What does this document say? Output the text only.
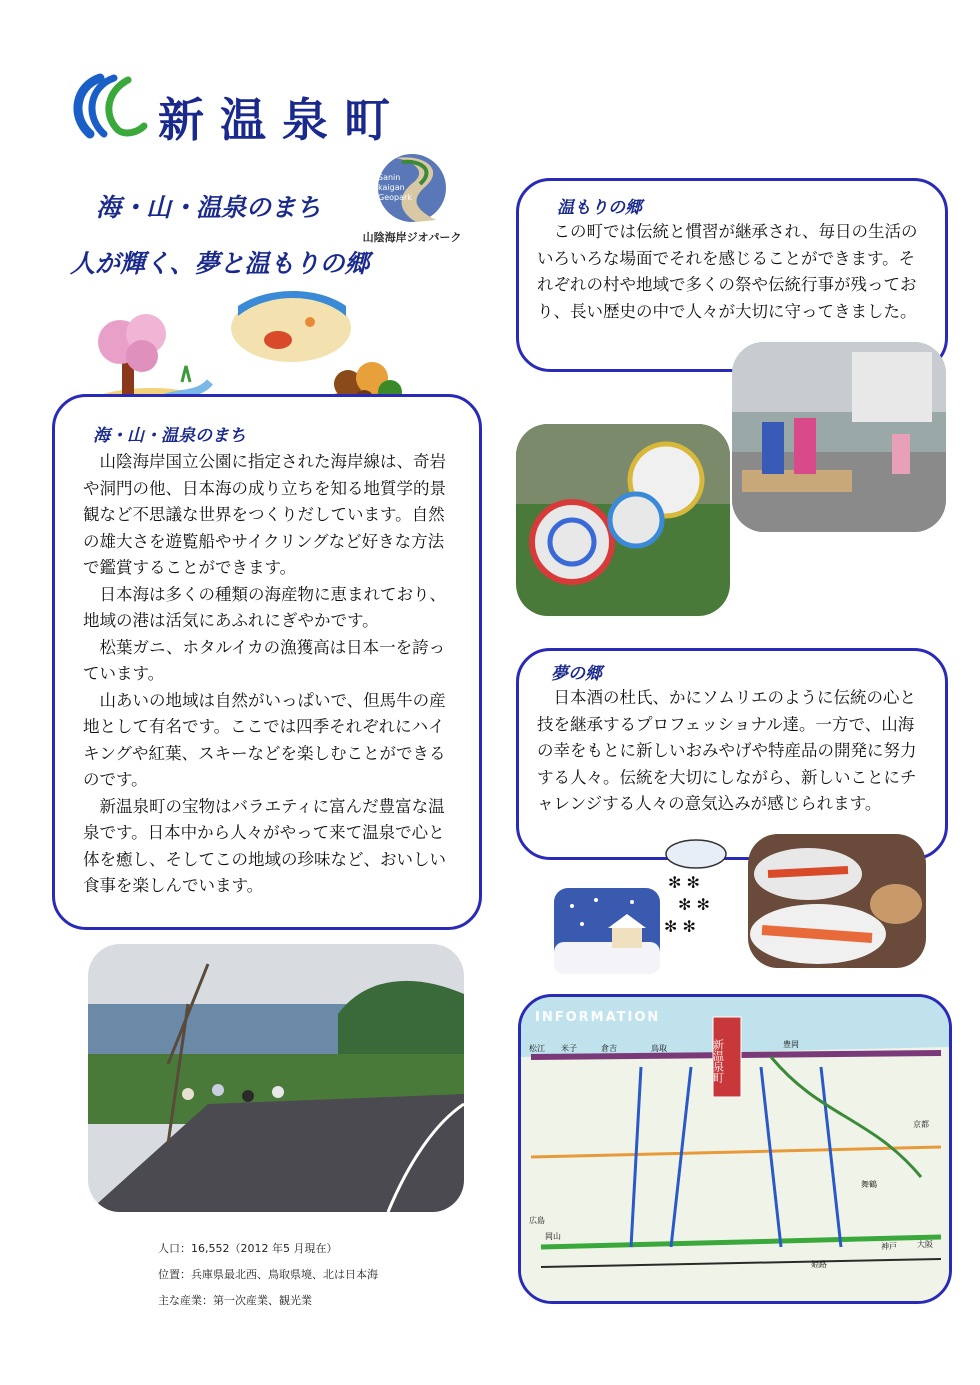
新温泉町
Sanin
kaigan
Geopark
山陰海岸ジオパーク
海・山・温泉のまち
人が輝く、夢と温もりの郷
海・山・温泉のまち

山陰海岸国立公園に指定された海岸線は、奇岩や洞門の他、日本海の成り立ちを知る地質学的景観など不思議な世界をつくりだしています。自然の雄大さを遊覧船やサイクリングなど好きな方法で鑑賞することができます。

日本海は多くの種類の海産物に恵まれており、地域の港は活気にあふれにぎやかです。

松葉ガニ、ホタルイカの漁獲高は日本一を誇っています。

山あいの地域は自然がいっぱいで、但馬牛の産地として有名です。ここでは四季それぞれにハイキングや紅葉、スキーなどを楽しむことができるのです。

新温泉町の宝物はバラエティに富んだ豊富な温泉です。日本中から人々がやって来て温泉で心と体を癒し、そしてこの地域の珍味など、おいしい食事を楽しんでいます。

温もりの郷

この町では伝統と慣習が継承され、毎日の生活のいろいろな場面でそれを感じることができます。それぞれの村や地域で多くの祭や伝統行事が残っており、長い歴史の中で人々が大切に守ってきました。

夢の郷

日本酒の杜氏、かにソムリエのように伝統の心と技を継承するプロフェッショナル達。一方で、山海の幸をもとに新しいおみやげや特産品の開発に努力する人々。伝統を大切にしながら、新しいことにチャレンジする人々の意気込みが感じられます。

✻ ✻
✻ ✻
✻ ✻
人口：16,552（2012 年5 月現在）
位置：兵庫県最北西、鳥取県境、北は日本海
主な産業：第一次産業、観光業
INFORMATION
新温泉町
松江 米子	倉吉	鳥取	豊岡
姫路
神戸	大阪
京都
舞鶴
岡山
広島
